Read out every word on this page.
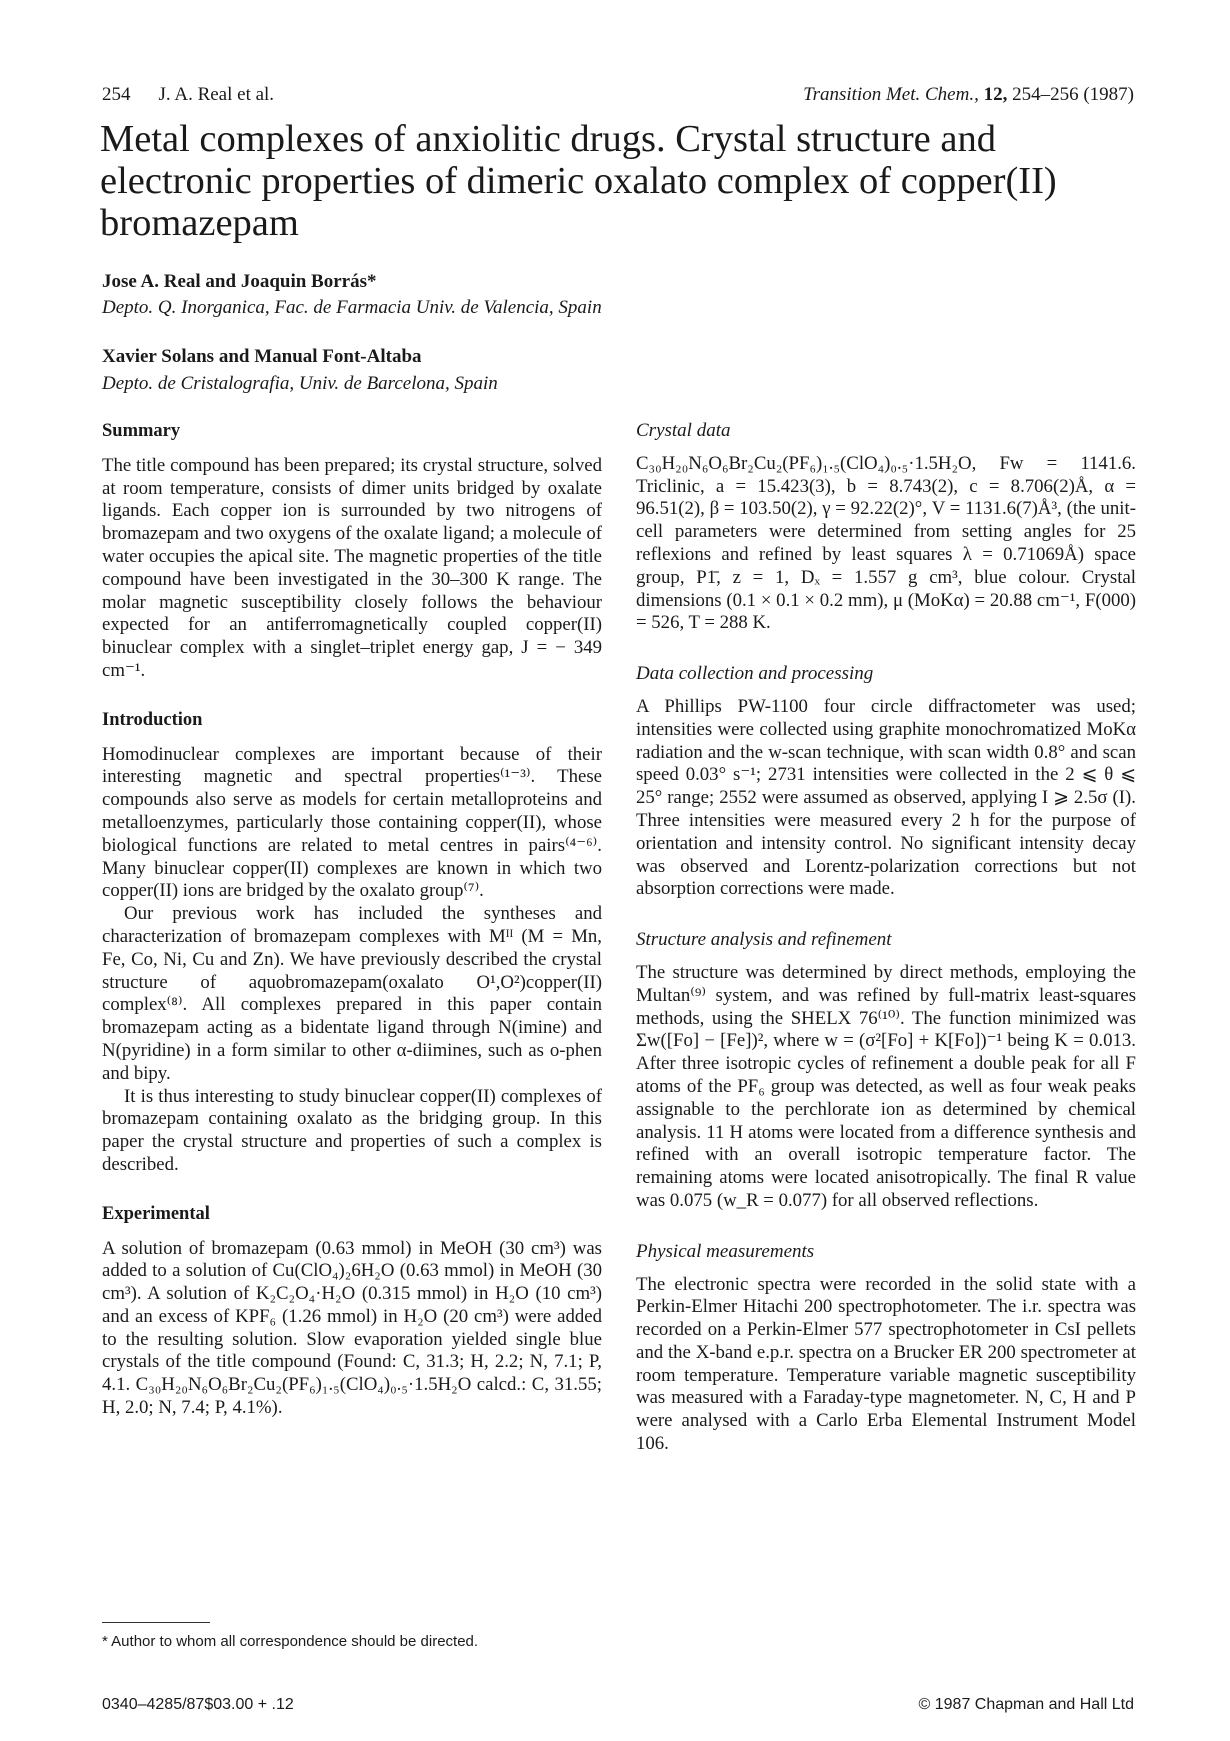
254 J. A. Real et al.	Transition Met. Chem., 12, 254–256 (1987)
Metal complexes of anxiolitic drugs. Crystal structure and electronic properties of dimeric oxalato complex of copper(II) bromazepam
Jose A. Real and Joaquin Borrás*
Depto. Q. Inorganica, Fac. de Farmacia Univ. de Valencia, Spain
Xavier Solans and Manual Font-Altaba
Depto. de Cristalografia, Univ. de Barcelona, Spain
Summary

The title compound has been prepared; its crystal structure, solved at room temperature, consists of dimer units bridged by oxalate ligands. Each copper ion is surrounded by two nitrogens of bromazepam and two oxygens of the oxalate ligand; a molecule of water occupies the apical site. The magnetic properties of the title compound have been investigated in the 30–300 K range. The molar magnetic susceptibility closely follows the behaviour expected for an antiferromagnetically coupled copper(II) binuclear complex with a singlet–triplet energy gap, J = − 349 cm⁻¹.

Introduction

Homodinuclear complexes are important because of their interesting magnetic and spectral properties⁽¹⁻³⁾. These compounds also serve as models for certain metalloproteins and metalloenzymes, particularly those containing copper(II), whose biological functions are related to metal centres in pairs⁽⁴⁻⁶⁾. Many binuclear copper(II) complexes are known in which two copper(II) ions are bridged by the oxalato group⁽⁷⁾.

Our previous work has included the syntheses and characterization of bromazepam complexes with Mᴵᴵ (M = Mn, Fe, Co, Ni, Cu and Zn). We have previously described the crystal structure of aquobromazepam(oxalato O¹,O²)copper(II) complex⁽⁸⁾. All complexes prepared in this paper contain bromazepam acting as a bidentate ligand through N(imine) and N(pyridine) in a form similar to other α-diimines, such as o-phen and bipy.

It is thus interesting to study binuclear copper(II) complexes of bromazepam containing oxalato as the bridging group. In this paper the crystal structure and properties of such a complex is described.

Experimental

A solution of bromazepam (0.63 mmol) in MeOH (30 cm³) was added to a solution of Cu(ClO₄)₂6H₂O (0.63 mmol) in MeOH (30 cm³). A solution of K₂C₂O₄·H₂O (0.315 mmol) in H₂O (10 cm³) and an excess of KPF₆ (1.26 mmol) in H₂O (20 cm³) were added to the resulting solution. Slow evaporation yielded single blue crystals of the title compound (Found: C, 31.3; H, 2.2; N, 7.1; P, 4.1. C₃₀H₂₀N₆O₆Br₂Cu₂(PF₆)₁.₅(ClO₄)₀.₅·1.5H₂O calcd.: C, 31.55; H, 2.0; N, 7.4; P, 4.1%).

Crystal data

C₃₀H₂₀N₆O₆Br₂Cu₂(PF₆)₁.₅(ClO₄)₀.₅·1.5H₂O, Fw = 1141.6. Triclinic, a = 15.423(3), b = 8.743(2), c = 8.706(2)Å, α = 96.51(2), β = 103.50(2), γ = 92.22(2)°, V = 1131.6(7)Å³, (the unit-cell parameters were determined from setting angles for 25 reflexions and refined by least squares λ = 0.71069Å) space group, P1̄, z = 1, Dₓ = 1.557 g cm³, blue colour. Crystal dimensions (0.1 × 0.1 × 0.2 mm), μ (MoKα) = 20.88 cm⁻¹, F(000) = 526, T = 288 K.

Data collection and processing

A Phillips PW-1100 four circle diffractometer was used; intensities were collected using graphite monochromatized MoKα radiation and the w-scan technique, with scan width 0.8° and scan speed 0.03° s⁻¹; 2731 intensities were collected in the 2 ⩽ θ ⩽ 25° range; 2552 were assumed as observed, applying I ⩾ 2.5σ (I). Three intensities were measured every 2 h for the purpose of orientation and intensity control. No significant intensity decay was observed and Lorentz-polarization corrections but not absorption corrections were made.

Structure analysis and refinement

The structure was determined by direct methods, employing the Multan⁽⁹⁾ system, and was refined by full-matrix least-squares methods, using the SHELX 76⁽¹⁰⁾. The function minimized was Σw([Fo] − [Fe])², where w = (σ²[Fo] + K[Fo])⁻¹ being K = 0.013. After three isotropic cycles of refinement a double peak for all F atoms of the PF₆ group was detected, as well as four weak peaks assignable to the perchlorate ion as determined by chemical analysis. 11 H atoms were located from a difference synthesis and refined with an overall isotropic temperature factor. The remaining atoms were located anisotropically. The final R value was 0.075 (w_R = 0.077) for all observed reflections.

Physical measurements

The electronic spectra were recorded in the solid state with a Perkin-Elmer Hitachi 200 spectrophotometer. The i.r. spectra was recorded on a Perkin-Elmer 577 spectrophotometer in CsI pellets and the X-band e.p.r. spectra on a Brucker ER 200 spectrometer at room temperature. Temperature variable magnetic susceptibility was measured with a Faraday-type magnetometer. N, C, H and P were analysed with a Carlo Erba Elemental Instrument Model 106.

* Author to whom all correspondence should be directed.
0340–4285/87$03.00 + .12	© 1987 Chapman and Hall Ltd
